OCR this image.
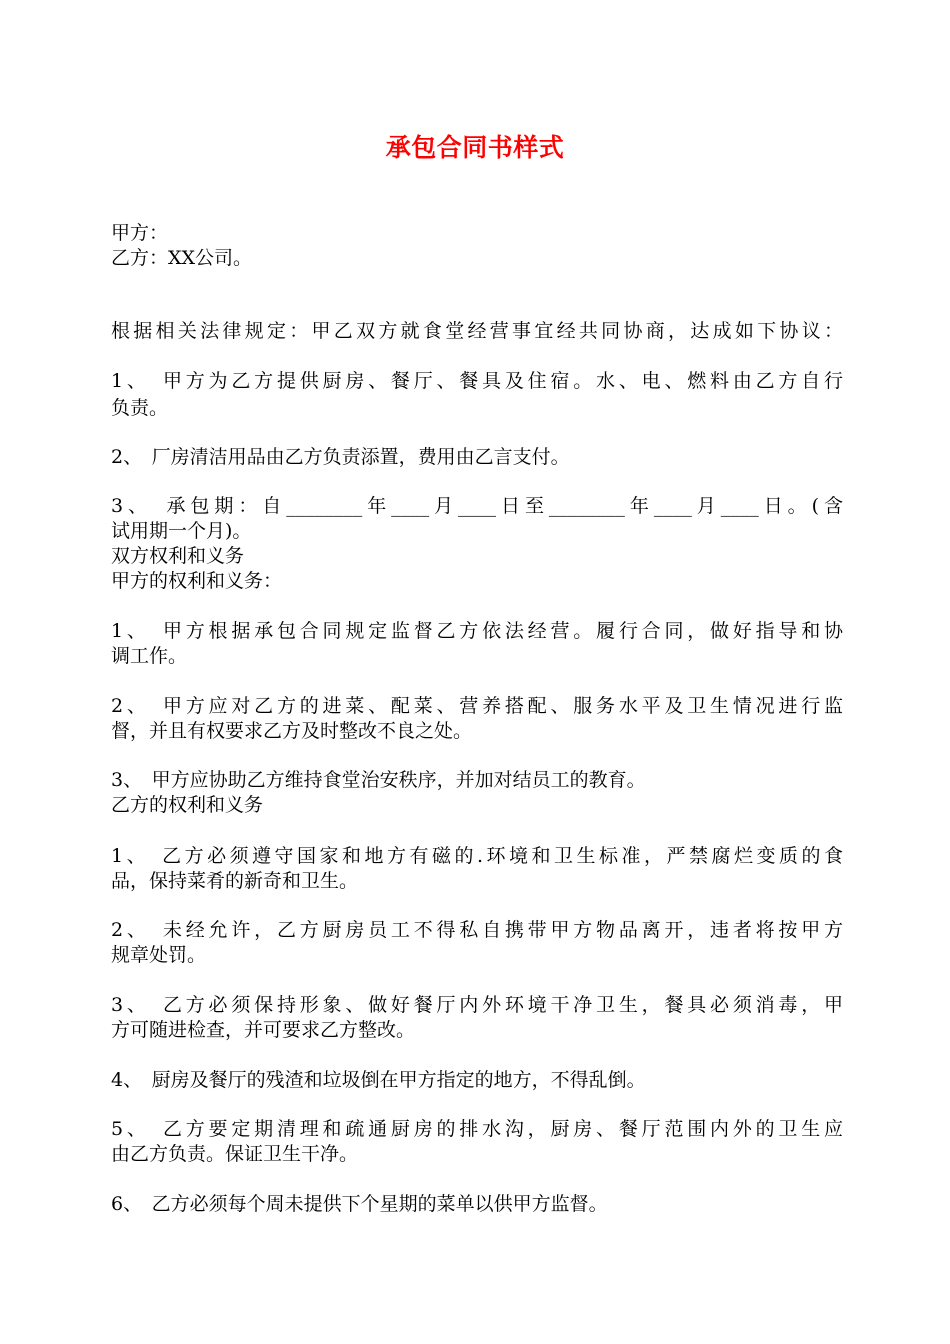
承包合同书样式

甲方：

乙方：XX公司。

根据相关法律规定：甲乙双方就食堂经营事宜经共同协商，达成如下协议：

1、　甲方为乙方提供厨房、餐厅、餐具及住宿。水、电、燃料由乙方自行

负责。

2、　厂房清洁用品由乙方负责添置，费用由乙言支付。

3、　承包期：自________年____月____日至________年____月____日。(含

试用期一个月)。

双方权利和义务

甲方的权利和义务：

1、　甲方根据承包合同规定监督乙方依法经营。履行合同，做好指导和协

调工作。

2、　甲方应对乙方的进菜、配菜、营养搭配、服务水平及卫生情况进行监

督，并且有权要求乙方及时整改不良之处。

3、　甲方应协助乙方维持食堂治安秩序，并加对结员工的教育。

乙方的权利和义务

1、　乙方必须遵守国家和地方有磁的.环境和卫生标准，严禁腐烂变质的食

品，保持菜肴的新奇和卫生。

2、　未经允许，乙方厨房员工不得私自携带甲方物品离开，违者将按甲方

规章处罚。

3、　乙方必须保持形象、做好餐厅内外环境干净卫生，餐具必须消毒，甲

方可随进检查，并可要求乙方整改。

4、　厨房及餐厅的残渣和垃圾倒在甲方指定的地方，不得乱倒。

5、　乙方要定期清理和疏通厨房的排水沟，厨房、餐厅范围内外的卫生应

由乙方负责。保证卫生干净。

6、　乙方必须每个周未提供下个星期的菜单以供甲方监督。
